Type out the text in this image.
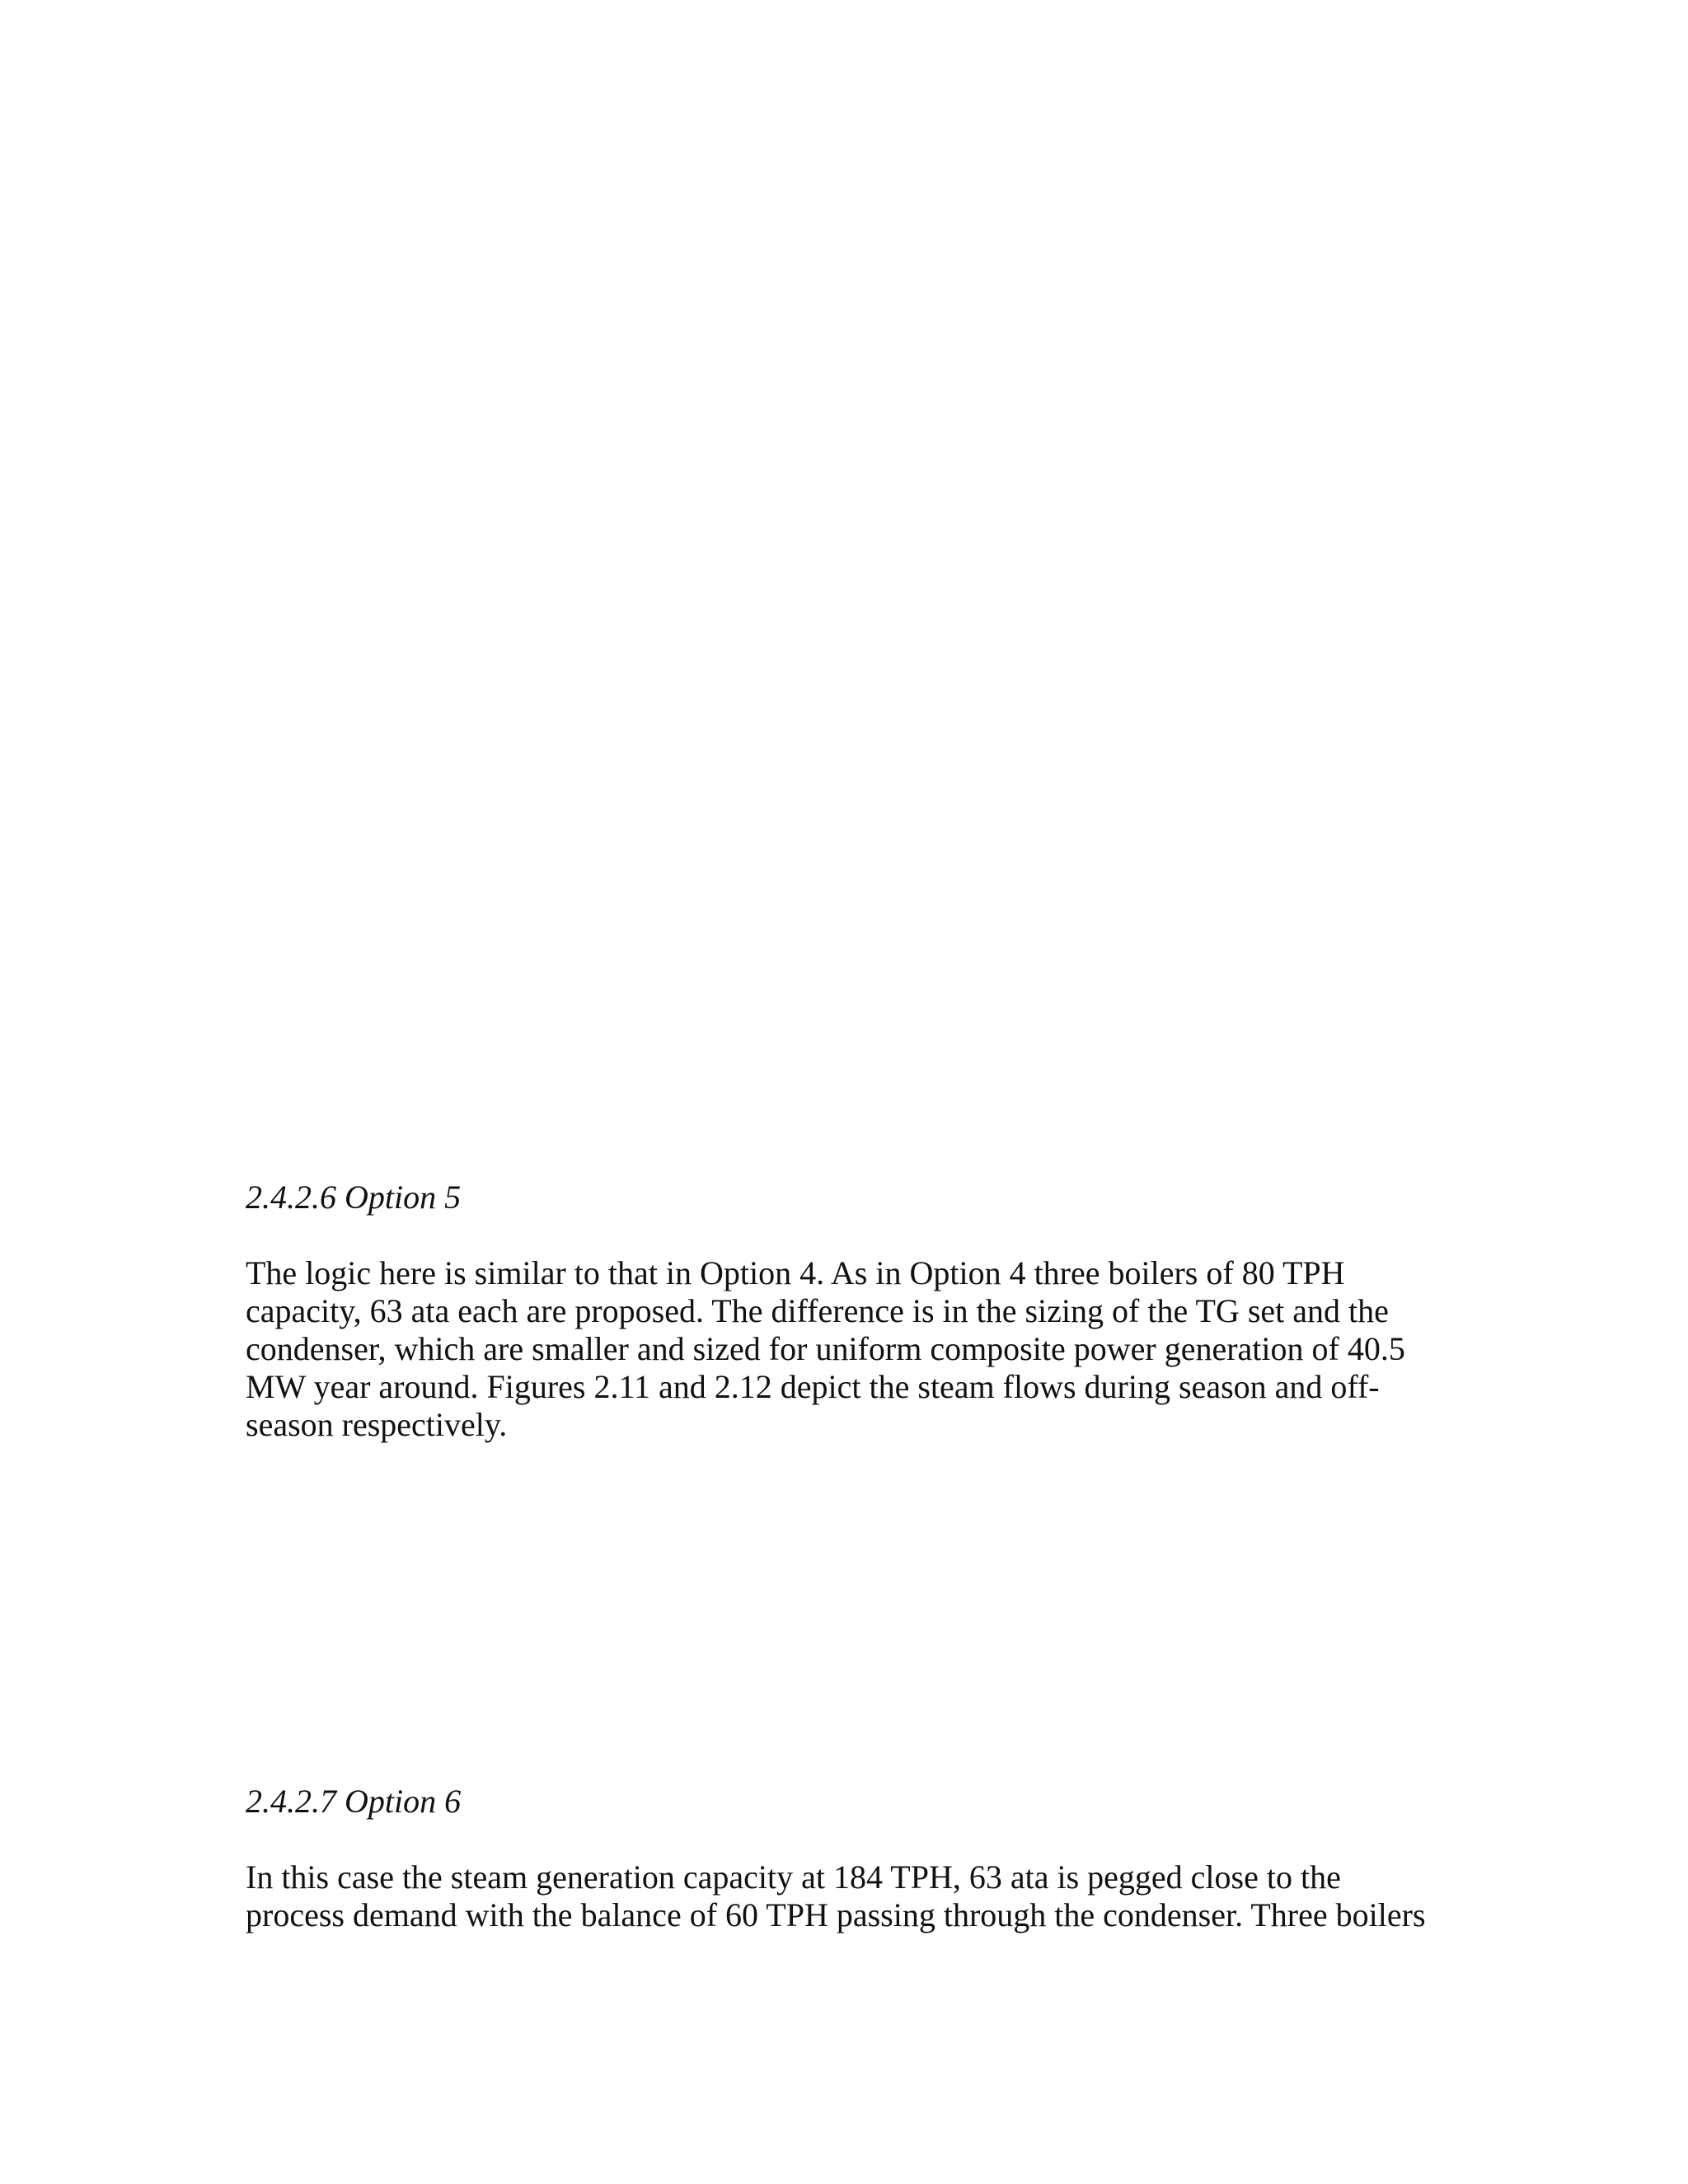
2.4.2.6 Option 5

The logic here is similar to that in Option 4. As in Option 4 three boilers of 80 TPH
capacity, 63 ata each are proposed. The difference is in the sizing of the TG set and the
condenser, which are smaller and sized for uniform composite power generation of 40.5
MW year around. Figures 2.11 and 2.12 depict the steam flows during season and off-
season respectively.

2.4.2.7 Option 6

In this case the steam generation capacity at 184 TPH, 63 ata is pegged close to the
process demand with the balance of 60 TPH passing through the condenser. Three boilers
